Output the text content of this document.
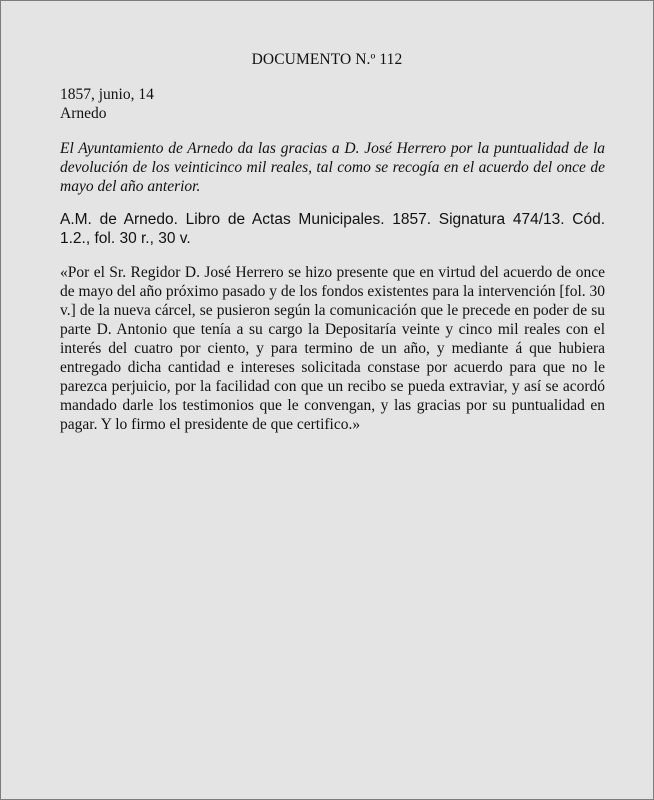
DOCUMENTO N.º 112
1857, junio, 14
Arnedo

El Ayuntamiento de Arnedo da las gracias a D. José Herrero por la puntualidad de la devolución de los veinticinco mil reales, tal como se recogía en el acuerdo del once de mayo del año anterior.

A.M. de Arnedo. Libro de Actas Municipales. 1857. Signatura 474/13. Cód. 1.2., fol. 30 r., 30 v.

«Por el Sr. Regidor D. José Herrero se hizo presente que en virtud del acuerdo de once de mayo del año próximo pasado y de los fondos existentes para la intervención [fol. 30 v.] de la nueva cárcel, se pusieron según la comunicación que le precede en poder de su parte D. Antonio que tenía a su cargo la Depositaría veinte y cinco mil reales con el interés del cuatro por ciento, y para termino de un año, y mediante á que hubiera entregado dicha cantidad e intereses solicitada constase por acuerdo para que no le parezca perjuicio, por la facilidad con que un recibo se pueda extraviar, y así se acordó mandado darle los testimonios que le convengan, y las gracias por su puntualidad en pagar. Y lo firmo el presidente de que certifico.»
